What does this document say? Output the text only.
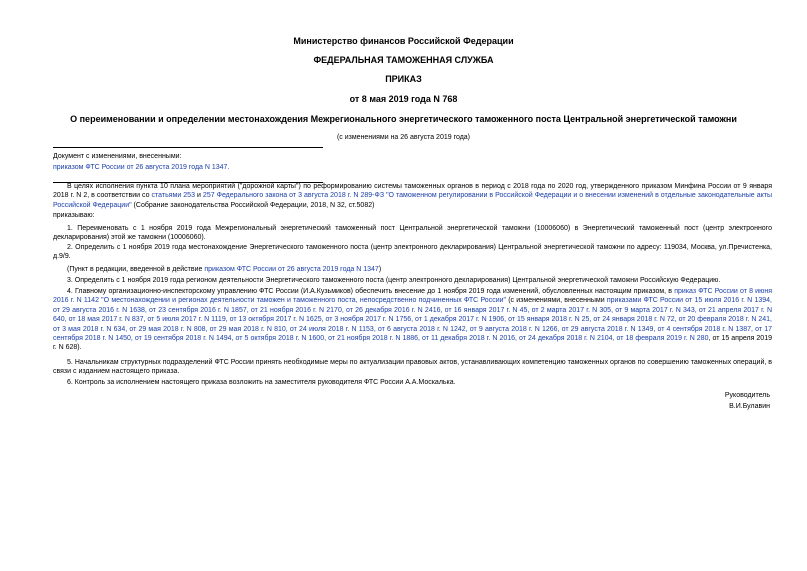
Министерство финансов Российской Федерации
ФЕДЕРАЛЬНАЯ ТАМОЖЕННАЯ СЛУЖБА
ПРИКАЗ
от 8 мая 2019 года N 768
О переименовании и определении местонахождения Межрегионального энергетического таможенного поста Центральной энергетической таможни
(с изменениями на 26 августа 2019 года)
Документ с изменениями, внесенными:
приказом ФТС России от 26 августа 2019 года N 1347.
В целях исполнения пункта 10 плана мероприятий ("дорожной карты") по реформированию системы таможенных органов в период с 2018 года по 2020 год, утвержденного приказом Минфина России от 9 января 2018 г. N 2, в соответствии со статьями 253 и 257 Федерального закона от 3 августа 2018 г. N 289-ФЗ "О таможенном регулировании в Российской Федерации и о внесении изменений в отдельные законодательные акты Российской Федерации" (Собрание законодательства Российской Федерации, 2018, N 32, ст.5082)
приказываю:
1. Переименовать с 1 ноября 2019 года Межрегиональный энергетический таможенный пост Центральной энергетической таможни (10006060) в Энергетический таможенный пост (центр электронного декларирования) этой же таможни (10006060).
2. Определить с 1 ноября 2019 года местонахождение Энергетического таможенного поста (центр электронного декларирования) Центральной энергетической таможни по адресу: 119034, Москва, ул.Пречистенка, д.9/9.
(Пункт в редакции, введенной в действие приказом ФТС России от 26 августа 2019 года N 1347)
3. Определить с 1 ноября 2019 года регионом деятельности Энергетического таможенного поста (центр электронного декларирования) Центральной энергетической таможни Российскую Федерацию.
4. Главному организационно-инспекторскому управлению ФТС России (И.А.Кузьмиков) обеспечить внесение до 1 ноября 2019 года изменений, обусловленных настоящим приказом, в приказ ФТС России от 8 июня 2016 г. N 1142 "О местонахождении и регионах деятельности таможен и таможенного поста, непосредственно подчиненных ФТС России" (с изменениями, внесенными приказами ФТС России от 15 июля 2016 г. N 1394, от 29 августа 2016 г. N 1638, от 23 сентября 2016 г. N 1857, от 21 ноября 2016 г. N 2170, от 26 декабря 2016 г. N 2416, от 16 января 2017 г. N 45, от 2 марта 2017 г. N 305, от 9 марта 2017 г. N 343, от 21 апреля 2017 г. N 640, от 18 мая 2017 г. N 837, от 5 июля 2017 г. N 1119, от 13 октября 2017 г. N 1625, от 3 ноября 2017 г. N 1756, от 1 декабря 2017 г. N 1906, от 15 января 2018 г. N 25, от 24 января 2018 г. N 72, от 20 февраля 2018 г. N 241, от 3 мая 2018 г. N 634, от 29 мая 2018 г. N 808, от 29 мая 2018 г. N 810, от 24 июля 2018 г. N 1153, от 6 августа 2018 г. N 1242, от 9 августа 2018 г. N 1266, от 29 августа 2018 г. N 1349, от 4 сентября 2018 г. N 1387, от 17 сентября 2018 г. N 1450, от 19 сентября 2018 г. N 1494, от 5 октября 2018 г. N 1600, от 21 ноября 2018 г. N 1886, от 11 декабря 2018 г. N 2016, от 24 декабря 2018 г. N 2104, от 18 февраля 2019 г. N 280, от 15 апреля 2019 г. N 628).
5. Начальникам структурных подразделений ФТС России принять необходимые меры по актуализации правовых актов, устанавливающих компетенцию таможенных органов по совершению таможенных операций, в связи с изданием настоящего приказа.
6. Контроль за исполнением настоящего приказа возложить на заместителя руководителя ФТС России А.А.Москалька.
Руководитель
В.И.Булавин
